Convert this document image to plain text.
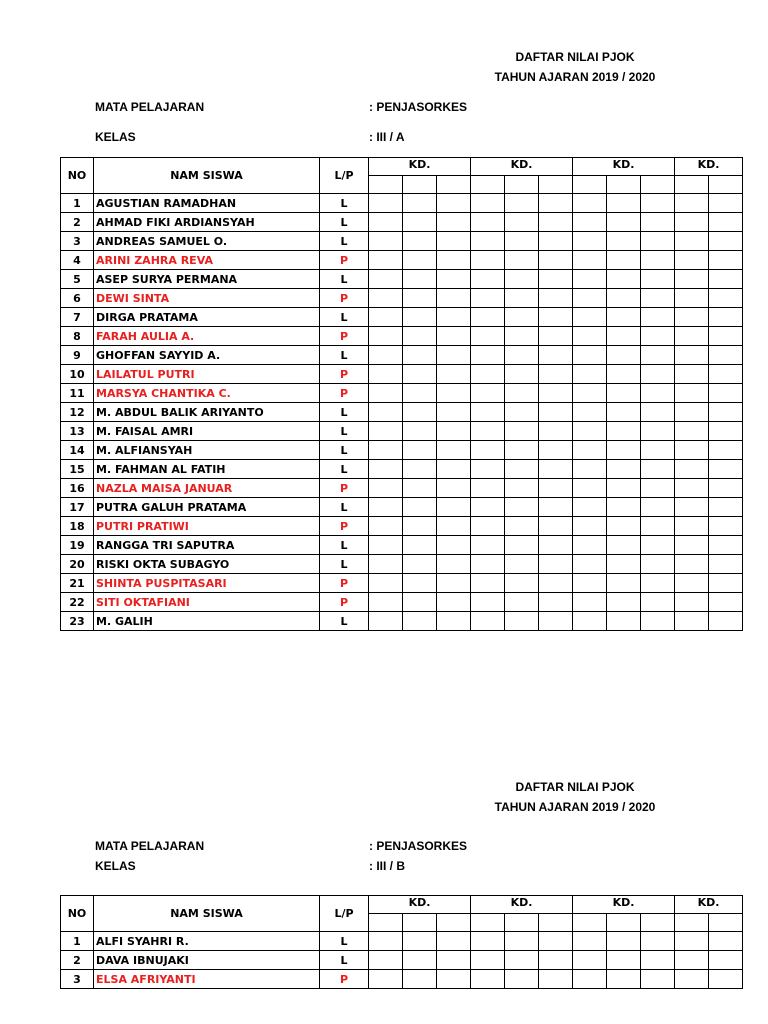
DAFTAR NILAI PJOK
TAHUN AJARAN 2019 / 2020
MATA PELAJARAN	: PENJASORKES
KELAS	: III / A
NO	NAM SISWA	L/P	KD.			KD.			KD.			KD.	

1	AGUSTIAN RAMADHAN	L											
2	AHMAD FIKI ARDIANSYAH	L											
3	ANDREAS SAMUEL O.	L											
4	ARINI ZAHRA REVA	P											
5	ASEP SURYA PERMANA	L											
6	DEWI SINTA	P											
7	DIRGA PRATAMA	L											
8	FARAH AULIA A.	P											
9	GHOFFAN SAYYID A.	L											
10	LAILATUL PUTRI	P											
11	MARSYA CHANTIKA C.	P											
12	M. ABDUL BALIK ARIYANTO	L											
13	M. FAISAL AMRI	L											
14	M. ALFIANSYAH	L											
15	M. FAHMAN AL FATIH	L											
16	NAZLA MAISA JANUAR	P											
17	PUTRA GALUH PRATAMA	L											
18	PUTRI PRATIWI	P											
19	RANGGA TRI SAPUTRA	L											
20	RISKI OKTA SUBAGYO	L											
21	SHINTA PUSPITASARI	P											
22	SITI OKTAFIANI	P											
23	M. GALIH	L											
DAFTAR NILAI PJOK
TAHUN AJARAN 2019 / 2020
MATA PELAJARAN	: PENJASORKES
KELAS	: III / B
NO	NAM SISWA	L/P	KD.			KD.			KD.			KD.	

1	ALFI SYAHRI R.	L											
2	DAVA IBNUJAKI	L											
3	ELSA AFRIYANTI	P											
